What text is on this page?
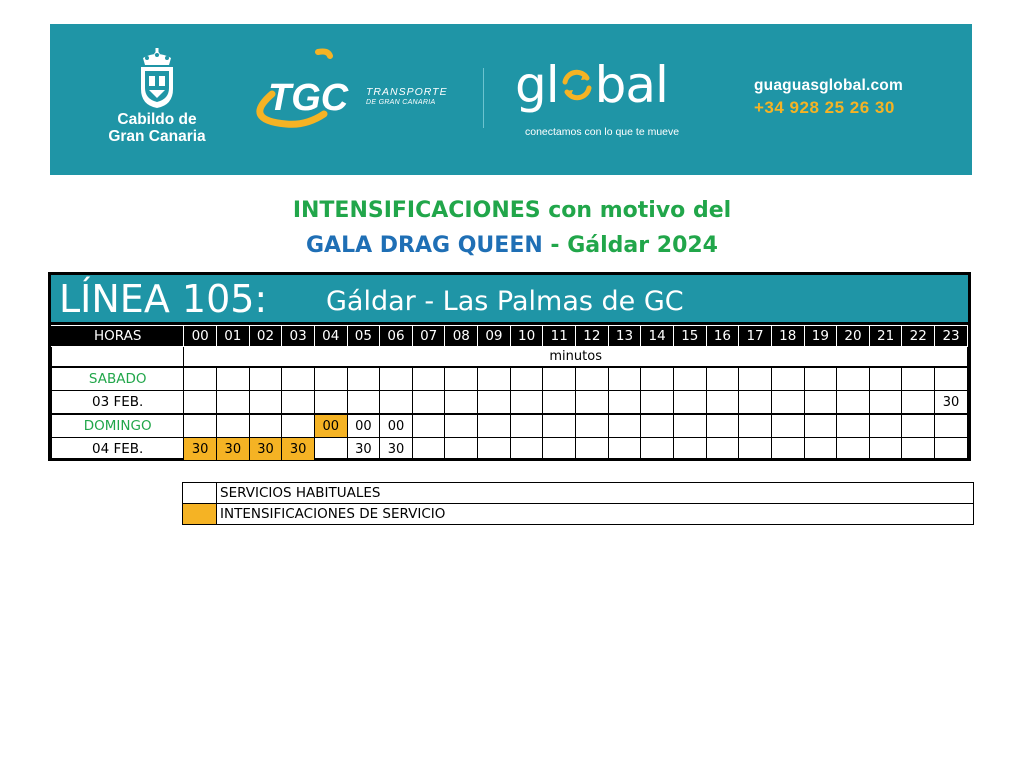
Cabildo de
Gran Canaria
TGC TRANSPORTE
DE GRAN CANARIA gl bal
conectamos con lo que te mueve
guaguasglobal.com
+34 928 25 26 30
INTENSIFICACIONES con motivo del
GALA DRAG QUEEN - Gáldar 2024
LÍNEA 105: Gáldar - Las Palmas de GC
HORAS	00	01	02	03	04	05	06	07	08	09	10	11	12	13	14	15	16	17	18	19	20	21	22	23
	minutos																							
SABADO																								
03 FEB.																								30
DOMINGO					00	00	00																	
04 FEB.	30	30	30	30		30	30																	
	SERVICIOS HABITUALES
	INTENSIFICACIONES DE SERVICIO
